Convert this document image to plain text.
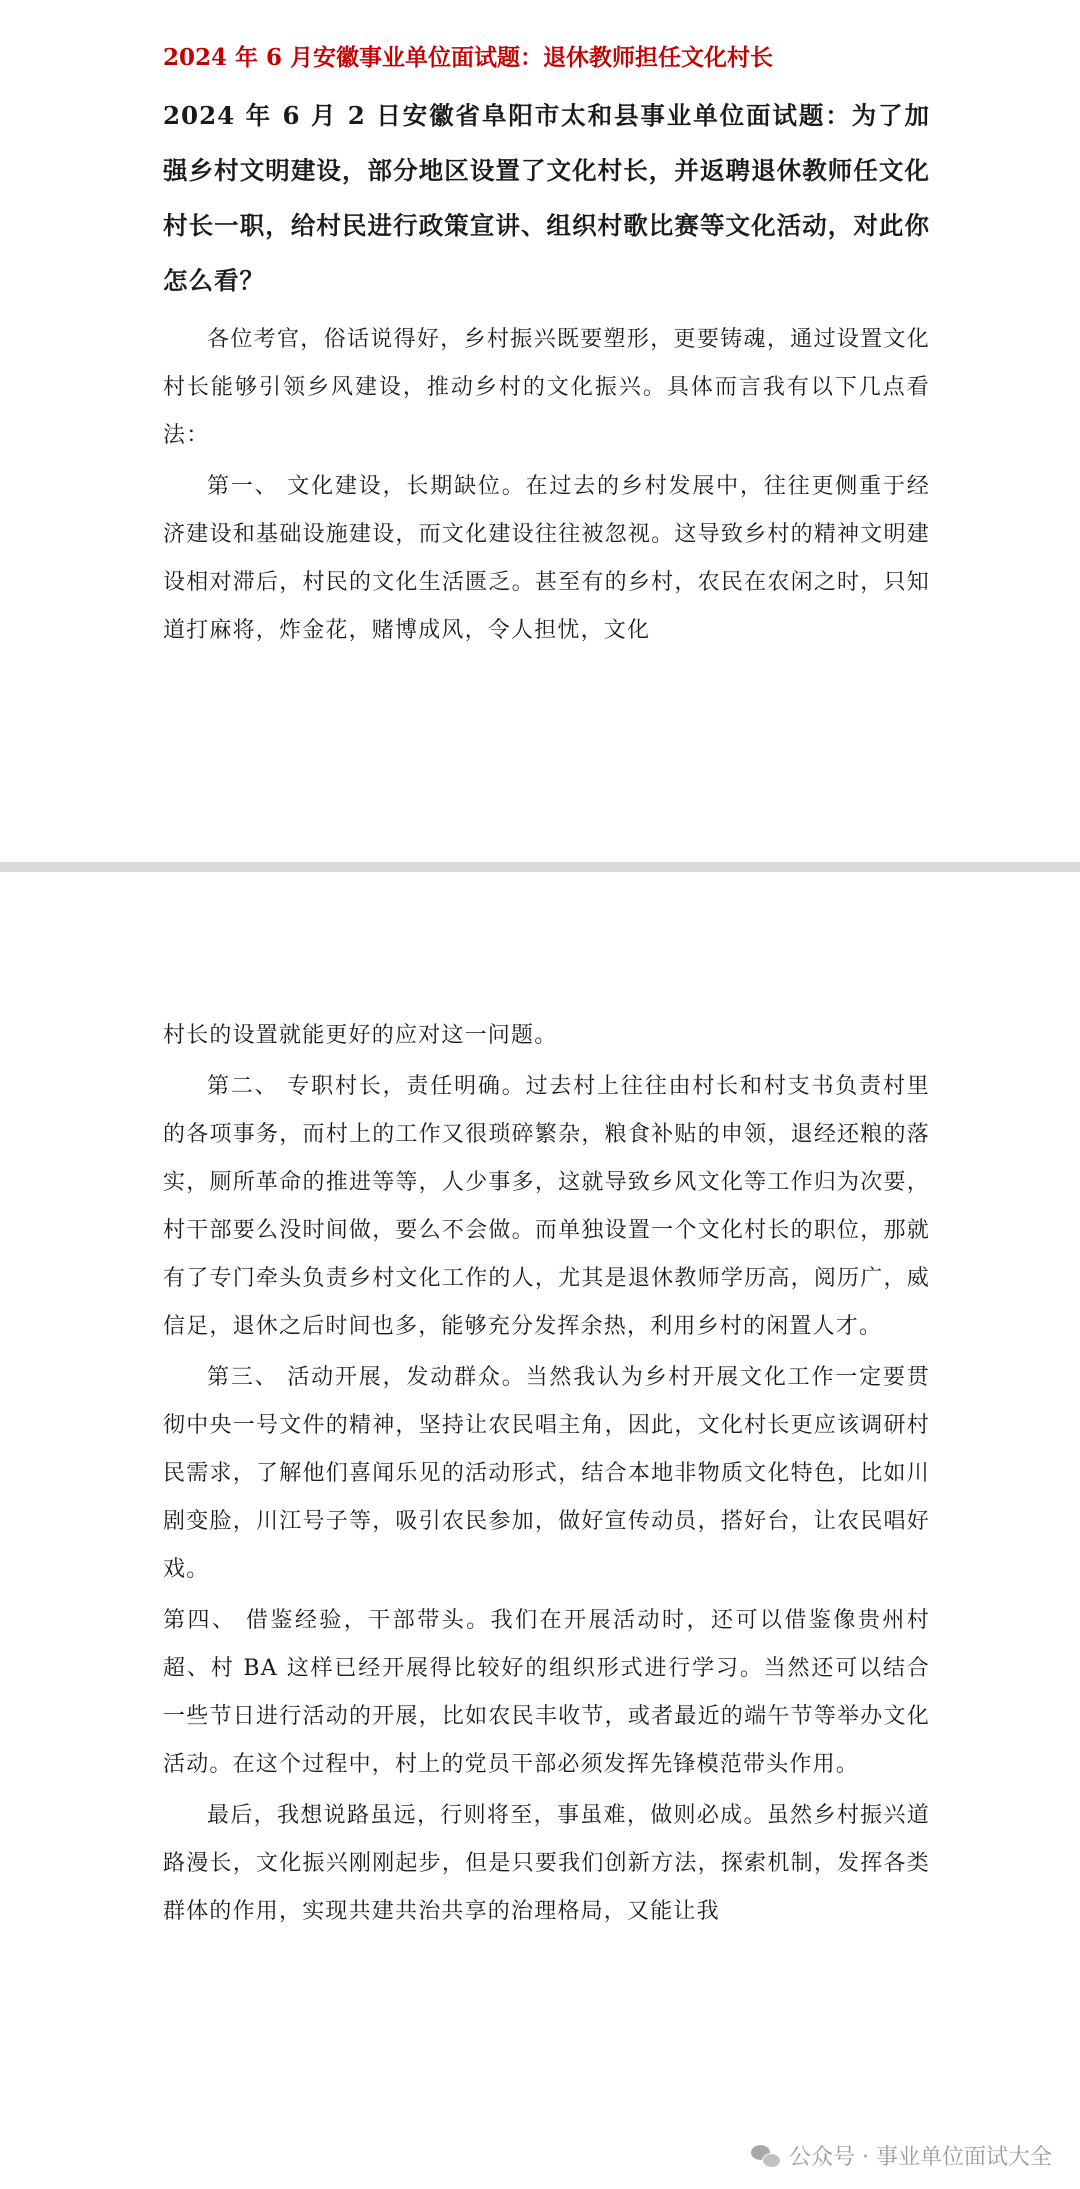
2024 年 6 月安徽事业单位面试题：退休教师担任文化村长

2024 年 6 月 2 日安徽省阜阳市太和县事业单位面试题：为了加强乡村文明建设，部分地区设置了文化村长，并返聘退休教师任文化村长一职，给村民进行政策宣讲、组织村歌比赛等文化活动，对此你怎么看？

各位考官，俗话说得好，乡村振兴既要塑形，更要铸魂，通过设置文化村长能够引领乡风建设，推动乡村的文化振兴。具体而言我有以下几点看法：

第一、 文化建设，长期缺位。在过去的乡村发展中，往往更侧重于经济建设和基础设施建设，而文化建设往往被忽视。这导致乡村的精神文明建设相对滞后，村民的文化生活匮乏。甚至有的乡村，农民在农闲之时，只知道打麻将，炸金花，赌博成风，令人担忧，文化

村长的设置就能更好的应对这一问题。

第二、 专职村长，责任明确。过去村上往往由村长和村支书负责村里的各项事务，而村上的工作又很琐碎繁杂，粮食补贴的申领，退经还粮的落实，厕所革命的推进等等，人少事多，这就导致乡风文化等工作归为次要，村干部要么没时间做，要么不会做。而单独设置一个文化村长的职位，那就有了专门牵头负责乡村文化工作的人，尤其是退休教师学历高，阅历广，威信足，退休之后时间也多，能够充分发挥余热，利用乡村的闲置人才。

第三、 活动开展，发动群众。当然我认为乡村开展文化工作一定要贯彻中央一号文件的精神，坚持让农民唱主角，因此，文化村长更应该调研村民需求，了解他们喜闻乐见的活动形式，结合本地非物质文化特色，比如川剧变脸，川江号子等，吸引农民参加，做好宣传动员，搭好台，让农民唱好戏。

第四、 借鉴经验，干部带头。我们在开展活动时，还可以借鉴像贵州村超、村 BA 这样已经开展得比较好的组织形式进行学习。当然还可以结合一些节日进行活动的开展，比如农民丰收节，或者最近的端午节等举办文化活动。在这个过程中，村上的党员干部必须发挥先锋模范带头作用。

最后，我想说路虽远，行则将至，事虽难，做则必成。虽然乡村振兴道路漫长，文化振兴刚刚起步，但是只要我们创新方法，探索机制，发挥各类群体的作用，实现共建共治共享的治理格局，又能让我

公众号 · 事业单位面试大全
